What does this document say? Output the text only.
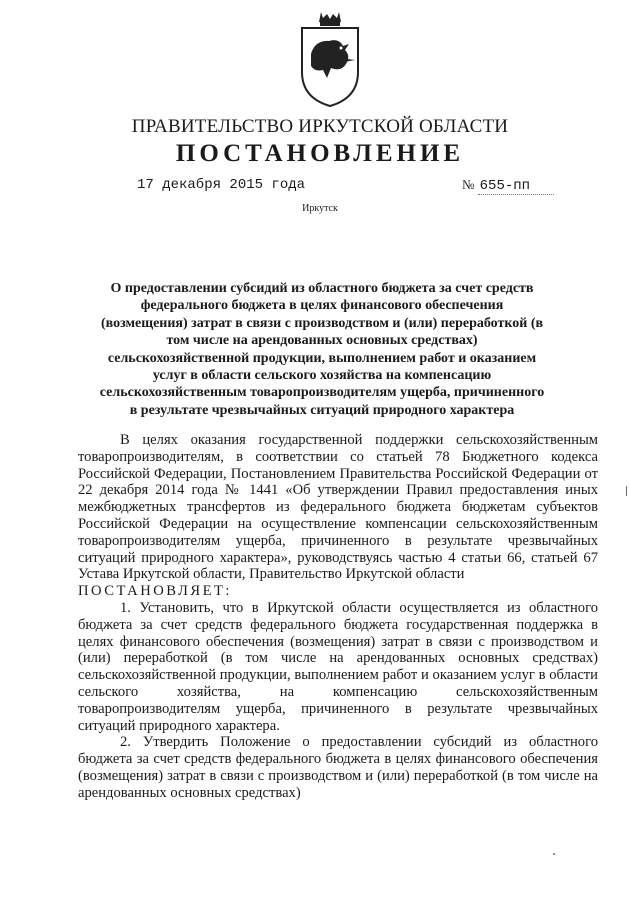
ПРАВИТЕЛЬСТВО ИРКУТСКОЙ ОБЛАСТИ
ПОСТАНОВЛЕНИЕ
17 декабря 2015 года	№ 655-пп
Иркутск
О предоставлении субсидий из областного бюджета за счет средств федерального бюджета в целях финансового обеспечения (возмещения) затрат в связи с производством и (или) переработкой (в том числе на арендованных основных средствах) сельскохозяйственной продукции, выполнением работ и оказанием услуг в области сельского хозяйства на компенсацию сельскохозяйственным товаропроизводителям ущерба, причиненного в результате чрезвычайных ситуаций природного характера

В целях оказания государственной поддержки сельскохозяйственным товаропроизводителям, в соответствии со статьей 78 Бюджетного кодекса Российской Федерации, Постановлением Правительства Российской Федерации от 22 декабря 2014 года № 1441 «Об утверждении Правил предоставления иных межбюджетных трансфертов из федерального бюджета бюджетам субъектов Российской Федерации на осуществление компенсации сельскохозяйственным товаропроизводителям ущерба, причиненного в результате чрезвычайных ситуаций природного характера», руководствуясь частью 4 статьи 66, статьей 67 Устава Иркутской области, Правительство Иркутской области

ПОСТАНОВЛЯЕТ:

1. Установить, что в Иркутской области осуществляется из областного бюджета за счет средств федерального бюджета государственная поддержка в целях финансового обеспечения (возмещения) затрат в связи с производством и (или) переработкой (в том числе на арендованных основных средствах) сельскохозяйственной продукции, выполнением работ и оказанием услуг в области сельского хозяйства, на компенсацию сельскохозяйственным товаропроизводителям ущерба, причиненного в результате чрезвычайных ситуаций природного характера.

2. Утвердить Положение о предоставлении субсидий из областного бюджета за счет средств федерального бюджета в целях финансового обеспечения (возмещения) затрат в связи с производством и (или) переработкой (в том числе на арендованных основных средствах)
